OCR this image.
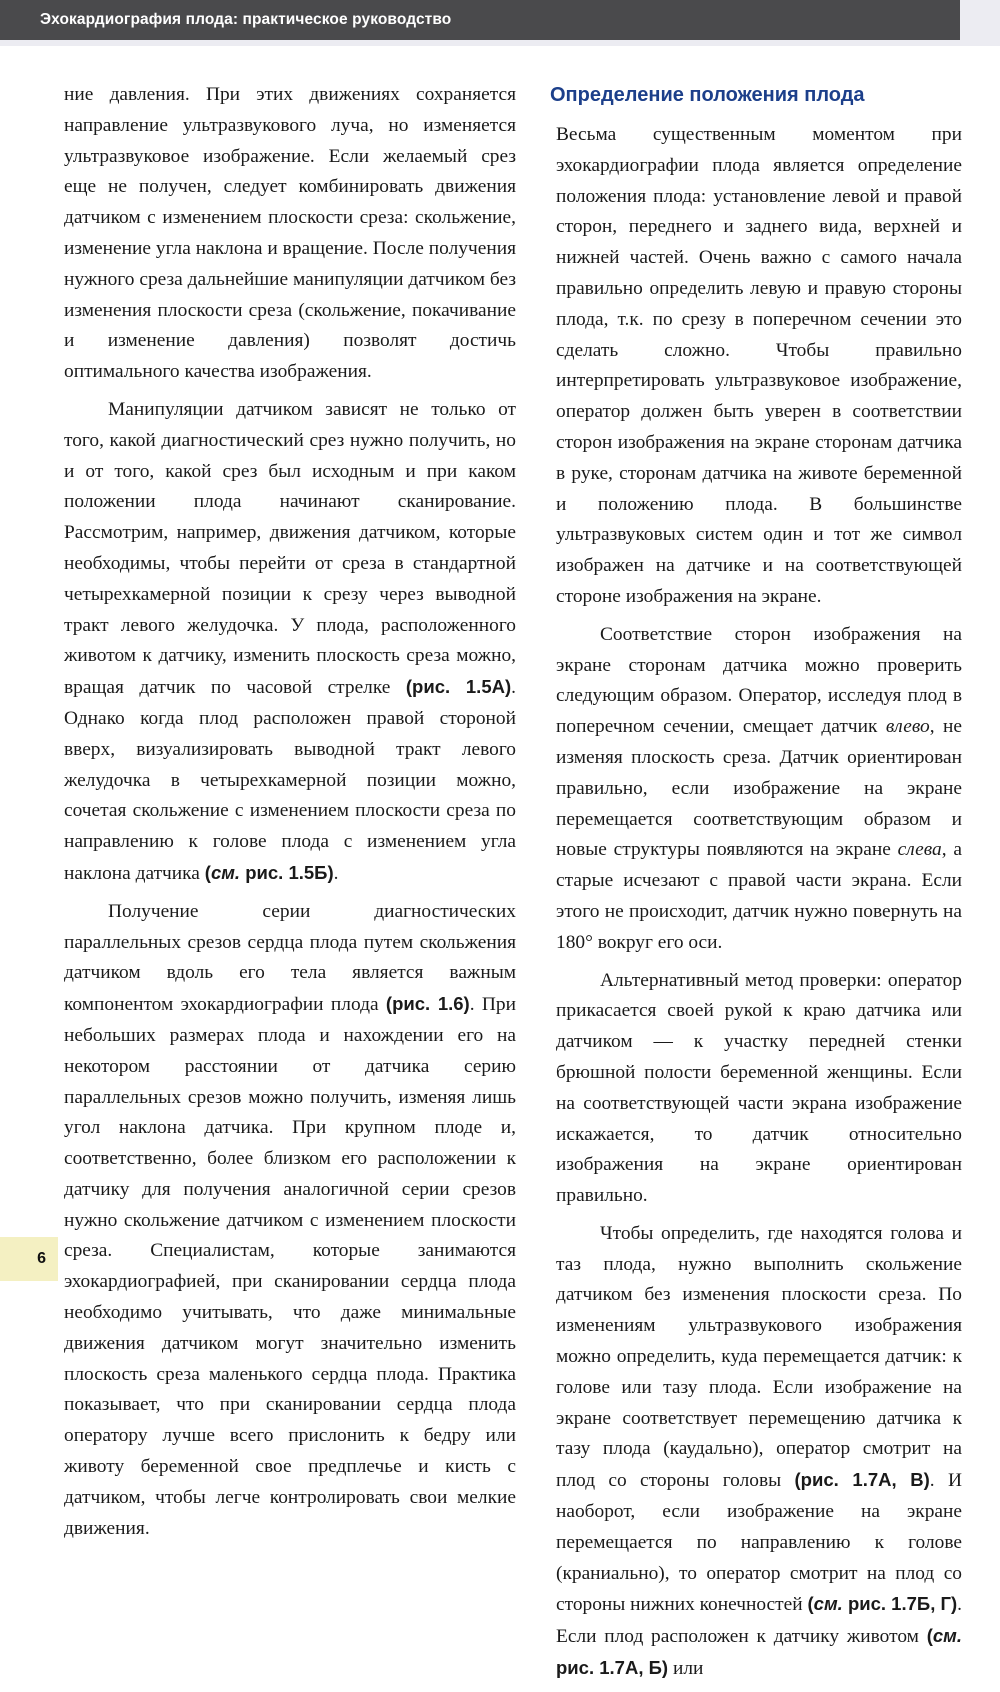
Эхокардиография плода: практическое руководство

ние давления. При этих движениях сохраняется направление ультразвукового луча, но изменяется ультразвуковое изображение. Если желаемый срез еще не получен, следует комбинировать движения датчиком с изменением плоскости среза: скольжение, изменение угла наклона и вращение. После получения нужного среза дальнейшие манипуляции датчиком без изменения плоскости среза (скольжение, покачивание и изменение давления) позволят достичь оптимального качества изображения.

Манипуляции датчиком зависят не только от того, какой диагностический срез нужно получить, но и от того, какой срез был исходным и при каком положении плода начинают сканирование. Рассмотрим, например, движения датчиком, которые необходимы, чтобы перейти от среза в стандартной четырехкамерной позиции к срезу через выводной тракт левого желудочка. У плода, расположенного животом к датчику, изменить плоскость среза можно, вращая датчик по часовой стрелке (рис. 1.5А). Однако когда плод расположен правой стороной вверх, визуализировать выводной тракт левого желудочка в четырехкамерной позиции можно, сочетая скольжение с изменением плоскости среза по направлению к голове плода с изменением угла наклона датчика (см. рис. 1.5Б).

Получение серии диагностических параллельных срезов сердца плода путем скольжения датчиком вдоль его тела является важным компонентом эхокардиографии плода (рис. 1.6). При небольших размерах плода и нахождении его на некотором расстоянии от датчика серию параллельных срезов можно получить, изменяя лишь угол наклона датчика. При крупном плоде и, соответственно, более близком его расположении к датчику для получения аналогичной серии срезов нужно скольжение датчиком с изменением плоскости среза. Специалистам, которые занимаются эхокардиографией, при сканировании сердца плода необходимо учитывать, что даже минимальные движения датчиком могут значительно изменить плоскость среза маленького сердца плода. Практика показывает, что при сканировании сердца плода оператору лучше всего прислонить к бедру или животу беременной свое предплечье и кисть с датчиком, чтобы легче контролировать свои мелкие движения.

Определение положения плода

Весьма существенным моментом при эхокардиографии плода является определение положения плода: установление левой и правой сторон, переднего и заднего вида, верхней и нижней частей. Очень важно с самого начала правильно определить левую и правую стороны плода, т.к. по срезу в поперечном сечении это сделать сложно. Чтобы правильно интерпретировать ультразвуковое изображение, оператор должен быть уверен в соответствии сторон изображения на экране сторонам датчика в руке, сторонам датчика на животе беременной и положению плода. В большинстве ультразвуковых систем один и тот же символ изображен на датчике и на соответствующей стороне изображения на экране.

Соответствие сторон изображения на экране сторонам датчика можно проверить следующим образом. Оператор, исследуя плод в поперечном сечении, смещает датчик влево, не изменяя плоскость среза. Датчик ориентирован правильно, если изображение на экране перемещается соответствующим образом и новые структуры появляются на экране слева, а старые исчезают с правой части экрана. Если этого не происходит, датчик нужно повернуть на 180° вокруг его оси.

Альтернативный метод проверки: оператор прикасается своей рукой к краю датчика или датчиком — к участку передней стенки брюшной полости беременной женщины. Если на соответствующей части экрана изображение искажается, то датчик относительно изображения на экране ориентирован правильно.

Чтобы определить, где находятся голова и таз плода, нужно выполнить скольжение датчиком без изменения плоскости среза. По изменениям ультразвукового изображения можно определить, куда перемещается датчик: к голове или тазу плода. Если изображение на экране соответствует перемещению датчика к тазу плода (каудально), оператор смотрит на плод со стороны головы (рис. 1.7А, В). И наоборот, если изображение на экране перемещается по направлению к голове (краниально), то оператор смотрит на плод со стороны нижних конечностей (см. рис. 1.7Б, Г). Если плод расположен к датчику животом (см. рис. 1.7А, Б) или

6
